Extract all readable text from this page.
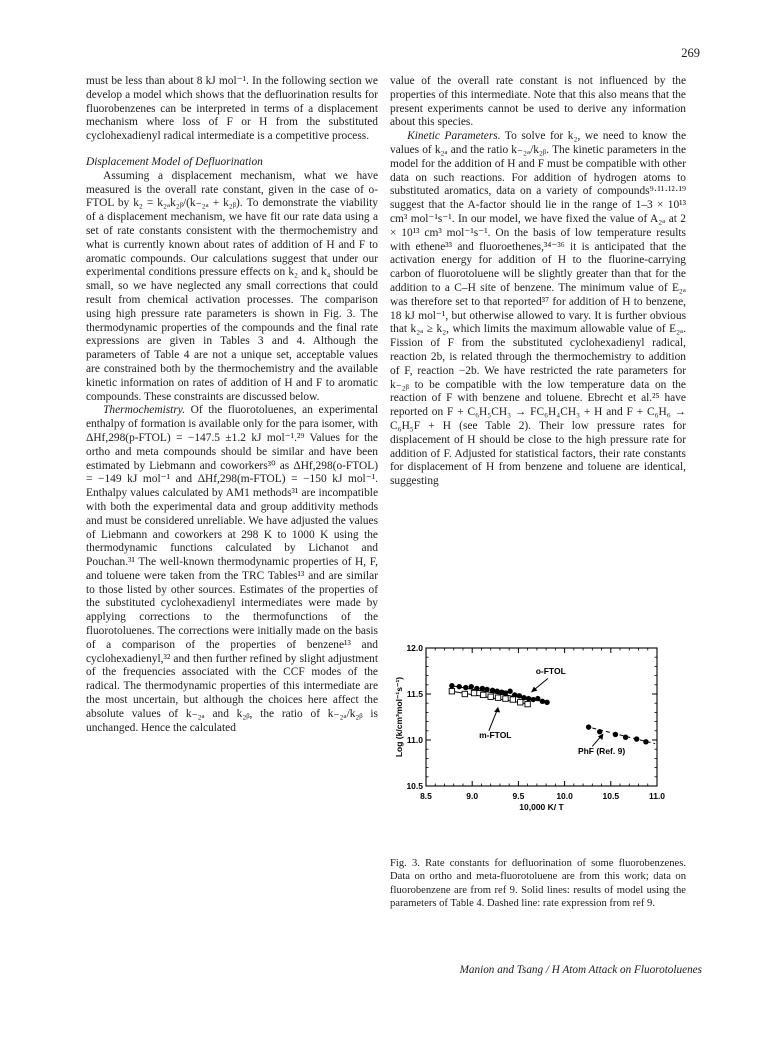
269

must be less than about 8 kJ mol⁻¹. In the following section we develop a model which shows that the defluorination results for fluorobenzenes can be interpreted in terms of a displacement mechanism where loss of F or H from the substituted cyclohexadienyl radical intermediate is a competitive process.

Displacement Model of Defluorination

Assuming a displacement mechanism, what we have measured is the overall rate constant, given in the case of o-FTOL by k₂ = k₂ₐk₂ᵦ/(k₋₂ₐ + k₂ᵦ). To demonstrate the viability of a displacement mechanism, we have fit our rate data using a set of rate constants consistent with the thermochemistry and what is currently known about rates of addition of H and F to aromatic compounds. Our calculations suggest that under our experimental conditions pressure effects on k₂ and k₄ should be small, so we have neglected any small corrections that could result from chemical activation processes. The comparison using high pressure rate parameters is shown in Fig. 3. The thermodynamic properties of the compounds and the final rate expressions are given in Tables 3 and 4. Although the parameters of Table 4 are not a unique set, acceptable values are constrained both by the thermochemistry and the available kinetic information on rates of addition of H and F to aromatic compounds. These constraints are discussed below.

Thermochemistry. Of the fluorotoluenes, an experimental enthalpy of formation is available only for the para isomer, with ΔHf,298(p-FTOL) = −147.5 ±1.2 kJ mol⁻¹.²⁹ Values for the ortho and meta compounds should be similar and have been estimated by Liebmann and coworkers³⁰ as ΔHf,298(o-FTOL) = −149 kJ mol⁻¹ and ΔHf,298(m-FTOL) = −150 kJ mol⁻¹. Enthalpy values calculated by AM1 methods³¹ are incompatible with both the experimental data and group additivity methods and must be considered unreliable. We have adjusted the values of Liebmann and coworkers at 298 K to 1000 K using the thermodynamic functions calculated by Lichanot and Pouchan.³¹ The well-known thermodynamic properties of H, F, and toluene were taken from the TRC Tables¹³ and are similar to those listed by other sources. Estimates of the properties of the substituted cyclohexadienyl intermediates were made by applying corrections to the thermofunctions of the fluorotoluenes. The corrections were initially made on the basis of a comparison of the properties of benzene¹³ and cyclohexadienyl,³² and then further refined by slight adjustment of the frequencies associated with the CCF modes of the radical. The thermodynamic properties of this intermediate are the most uncertain, but although the choices here affect the absolute values of k₋₂ₐ and k₂ᵦ, the ratio of k₋₂ₐ/k₂ᵦ is unchanged. Hence the calculated

value of the overall rate constant is not influenced by the properties of this intermediate. Note that this also means that the present experiments cannot be used to derive any information about this species.

Kinetic Parameters. To solve for k₂, we need to know the values of k₂ₐ and the ratio k₋₂ₐ/k₂ᵦ. The kinetic parameters in the model for the addition of H and F must be compatible with other data on such reactions. For addition of hydrogen atoms to substituted aromatics, data on a variety of compounds⁹·¹¹·¹²·¹⁹ suggest that the A-factor should lie in the range of 1–3 × 10¹³ cm³ mol⁻¹s⁻¹. In our model, we have fixed the value of A₂ₐ at 2 × 10¹³ cm³ mol⁻¹s⁻¹. On the basis of low temperature results with ethene³³ and fluoroethenes,³⁴⁻³⁶ it is anticipated that the activation energy for addition of H to the fluorine-carrying carbon of fluorotoluene will be slightly greater than that for the addition to a C–H site of benzene. The minimum value of E₂ₐ was therefore set to that reported³⁷ for addition of H to benzene, 18 kJ mol⁻¹, but otherwise allowed to vary. It is further obvious that k₂ₐ ≥ k₂, which limits the maximum allowable value of E₂ₐ. Fission of F from the substituted cyclohexadienyl radical, reaction 2b, is related through the thermochemistry to addition of F, reaction −2b. We have restricted the rate parameters for k₋₂ᵦ to be compatible with the low temperature data on the reaction of F with benzene and toluene. Ebrecht et al.²⁵ have reported on F + C₆H₅CH₃ → FC₆H₄CH₃ + H and F + C₆H₆ → C₆H₅F + H (see Table 2). Their low pressure rates for displacement of H should be close to the high pressure rate for addition of F. Adjusted for statistical factors, their rate constants for displacement of H from benzene and toluene are identical, suggesting

8.5	9.0	9.5	10.0	10.5	11.0
10.5
11.0
11.5
12.0
10,000 K/ T
Log (k/cm³mol⁻¹s⁻¹)
o-FTOL
m-FTOL
PhF (Ref. 9)
Fig. 3. Rate constants for defluorination of some fluorobenzenes. Data on ortho and meta-fluorotoluene are from this work; data on fluorobenzene are from ref 9. Solid lines: results of model using the parameters of Table 4. Dashed line: rate expression from ref 9.
Manion and Tsang / H Atom Attack on Fluorotoluenes
